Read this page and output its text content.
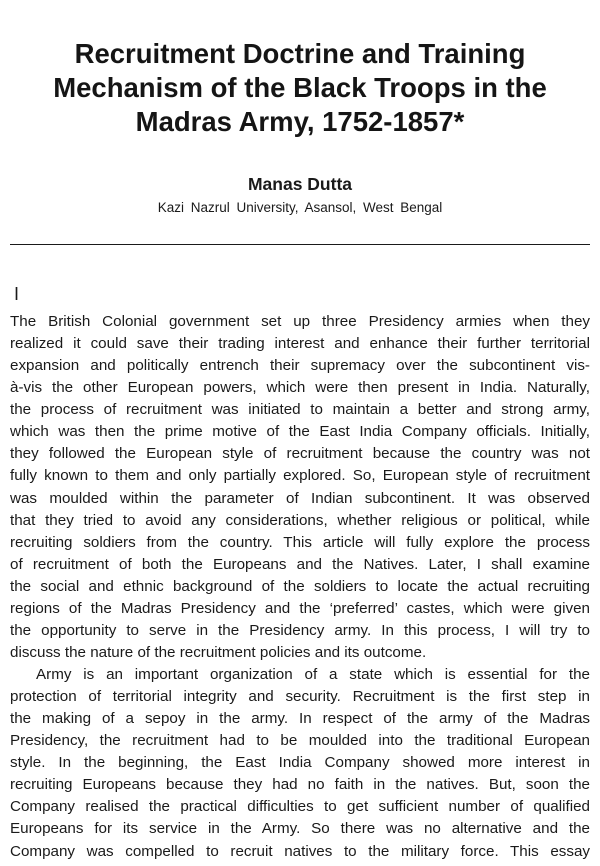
Recruitment Doctrine and Training
Mechanism of the Black Troops in the
Madras Army, 1752-1857*

Manas Dutta

Kazi Nazrul University, Asansol, West Bengal

I

The British Colonial government set up three Presidency armies when they

realized it could save their trading interest and enhance their further territorial

expansion and politically entrench their supremacy over the subcontinent vis-

à-vis the other European powers, which were then present in India. Naturally,

the process of recruitment was initiated to maintain a better and strong army,

which was then the prime motive of the East India Company officials. Initially,

they followed the European style of recruitment because the country was not

fully known to them and only partially explored. So, European style of recruitment

was moulded within the parameter of Indian subcontinent. It was observed

that they tried to avoid any considerations, whether religious or political, while

recruiting soldiers from the country. This article will fully explore the process

of recruitment of both the Europeans and the Natives. Later, I shall examine

the social and ethnic background of the soldiers to locate the actual recruiting

regions of the Madras Presidency and the ‘preferred’ castes, which were given

the opportunity to serve in the Presidency army. In this process, I will try to

discuss the nature of the recruitment policies and its outcome.

Army is an important organization of a state which is essential for the

protection of territorial integrity and security. Recruitment is the first step in

the making of a sepoy in the army. In respect of the army of the Madras

Presidency, the recruitment had to be moulded into the traditional European

style. In the beginning, the East India Company showed more interest in

recruiting Europeans because they had no faith in the natives. But, soon the

Company realised the practical difficulties to get sufficient number of qualified

Europeans for its service in the Army. So there was no alternative and the

Company was compelled to recruit natives to the military force. This essay
